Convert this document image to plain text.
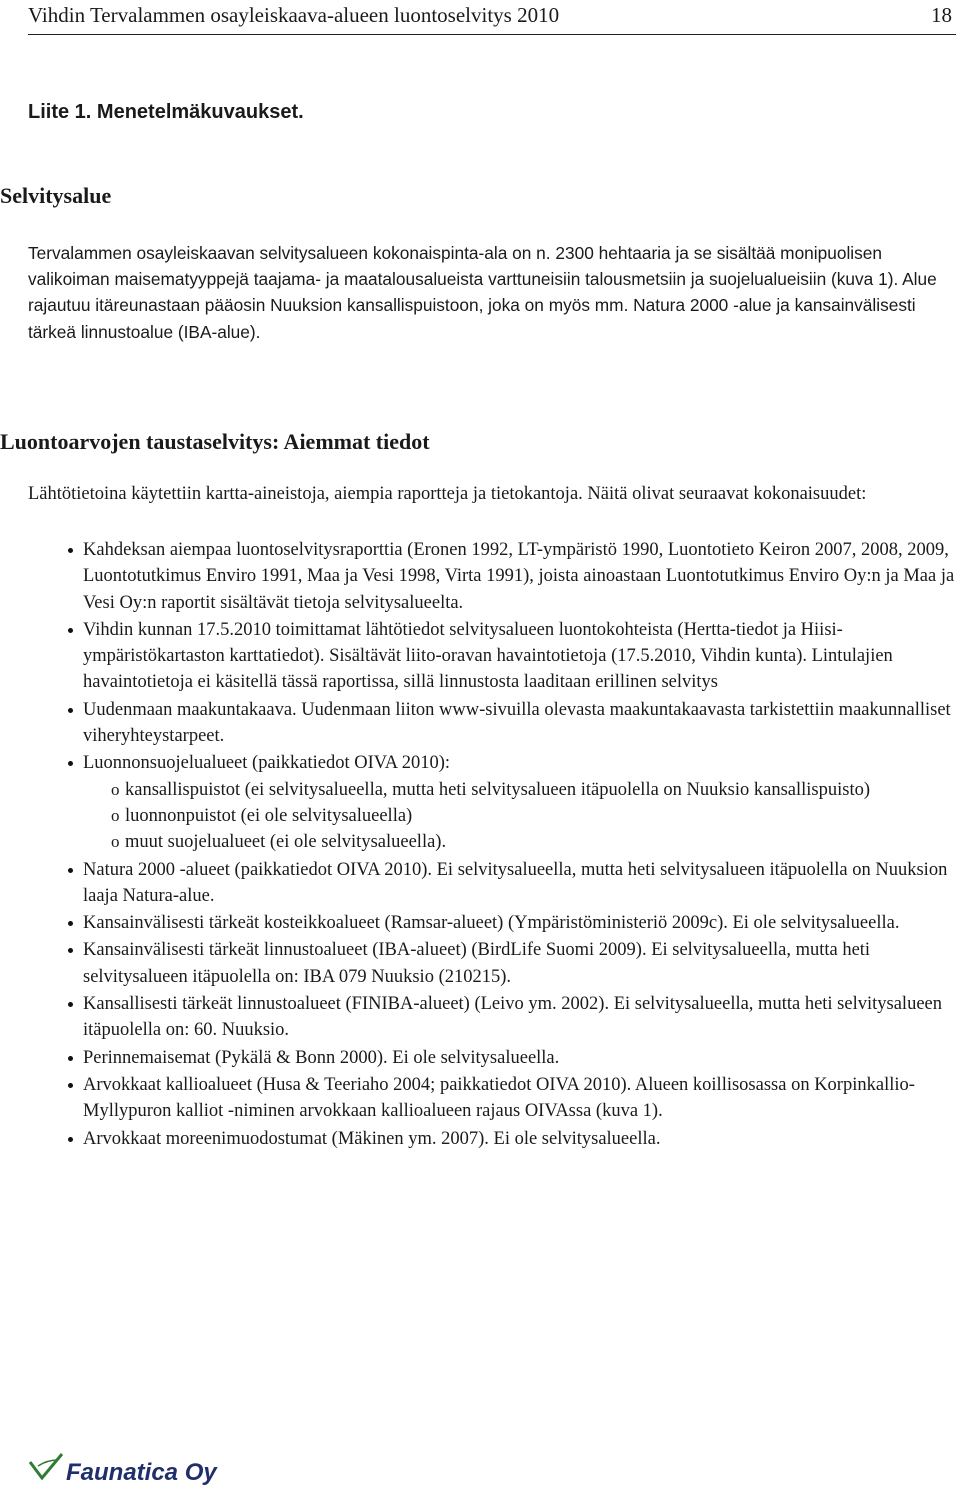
Vihdin Tervalammen osayleiskaava-alueen luontoselvitys 2010	18
Liite 1. Menetelmäkuvaukset.
Selvitysalue

Tervalammen osayleiskaavan selvitysalueen kokonaispinta-ala on n. 2300 hehtaaria ja se sisältää monipuolisen valikoiman maisematyyppejä taajama- ja maatalousalueista varttuneisiin talousmetsiin ja suojelualueisiin (kuva 1). Alue rajautuu itäreunastaan pääosin Nuuksion kansallispuistoon, joka on myös mm. Natura 2000 -alue ja kansainvälisesti tärkeä linnustoalue (IBA-alue).

Luontoarvojen taustaselvitys: Aiemmat tiedot

Lähtötietoina käytettiin kartta-aineistoja, aiempia raportteja ja tietokantoja. Näitä olivat seuraavat kokonaisuudet:

Kahdeksan aiempaa luontoselvitysraporttia (Eronen 1992, LT-ympäristö 1990, Luontotieto Keiron 2007, 2008, 2009, Luontotutkimus Enviro 1991, Maa ja Vesi 1998, Virta 1991), joista ainoastaan Luontotutkimus Enviro Oy:n ja Maa ja Vesi Oy:n raportit sisältävät tietoja selvitysalueelta.
Vihdin kunnan 17.5.2010 toimittamat lähtötiedot selvitysalueen luontokohteista (Hertta-tiedot ja Hiisi-ympäristökartaston karttatiedot). Sisältävät liito-oravan havaintotietoja (17.5.2010, Vihdin kunta). Lintulajien havaintotietoja ei käsitellä tässä raportissa, sillä linnustosta laaditaan erillinen selvitys
Uudenmaan maakuntakaava. Uudenmaan liiton www-sivuilla olevasta maakuntakaavasta tarkistettiin maakunnalliset viheryhteystarpeet.
Luonnonsuojelualueet (paikkatiedot OIVA 2010):
o kansallispuistot (ei selvitysalueella, mutta heti selvitysalueen itäpuolella on Nuuksio kansallispuisto)
o luonnonpuistot (ei ole selvitysalueella)
o muut suojelualueet (ei ole selvitysalueella).
Natura 2000 -alueet (paikkatiedot OIVA 2010). Ei selvitysalueella, mutta heti selvitysalueen itäpuolella on Nuuksion laaja Natura-alue.
Kansainvälisesti tärkeät kosteikkoalueet (Ramsar-alueet) (Ympäristöministeriö 2009c). Ei ole selvitysalueella.
Kansainvälisesti tärkeät linnustoalueet (IBA-alueet) (BirdLife Suomi 2009). Ei selvitysalueella, mutta heti selvitysalueen itäpuolella on: IBA 079 Nuuksio (210215).
Kansallisesti tärkeät linnustoalueet (FINIBA-alueet) (Leivo ym. 2002). Ei selvitysalueella, mutta heti selvitysalueen itäpuolella on: 60. Nuuksio.
Perinnemaisemat (Pykälä & Bonn 2000). Ei ole selvitysalueella.
Arvokkaat kallioalueet (Husa & Teeriaho 2004; paikkatiedot OIVA 2010). Alueen koillisosassa on Korpinkallio-Myllypuron kalliot -niminen arvokkaan kallioalueen rajaus OIVAssa (kuva 1).
Arvokkaat moreenimuodostumat (Mäkinen ym. 2007). Ei ole selvitysalueella.
Faunatica Oy
